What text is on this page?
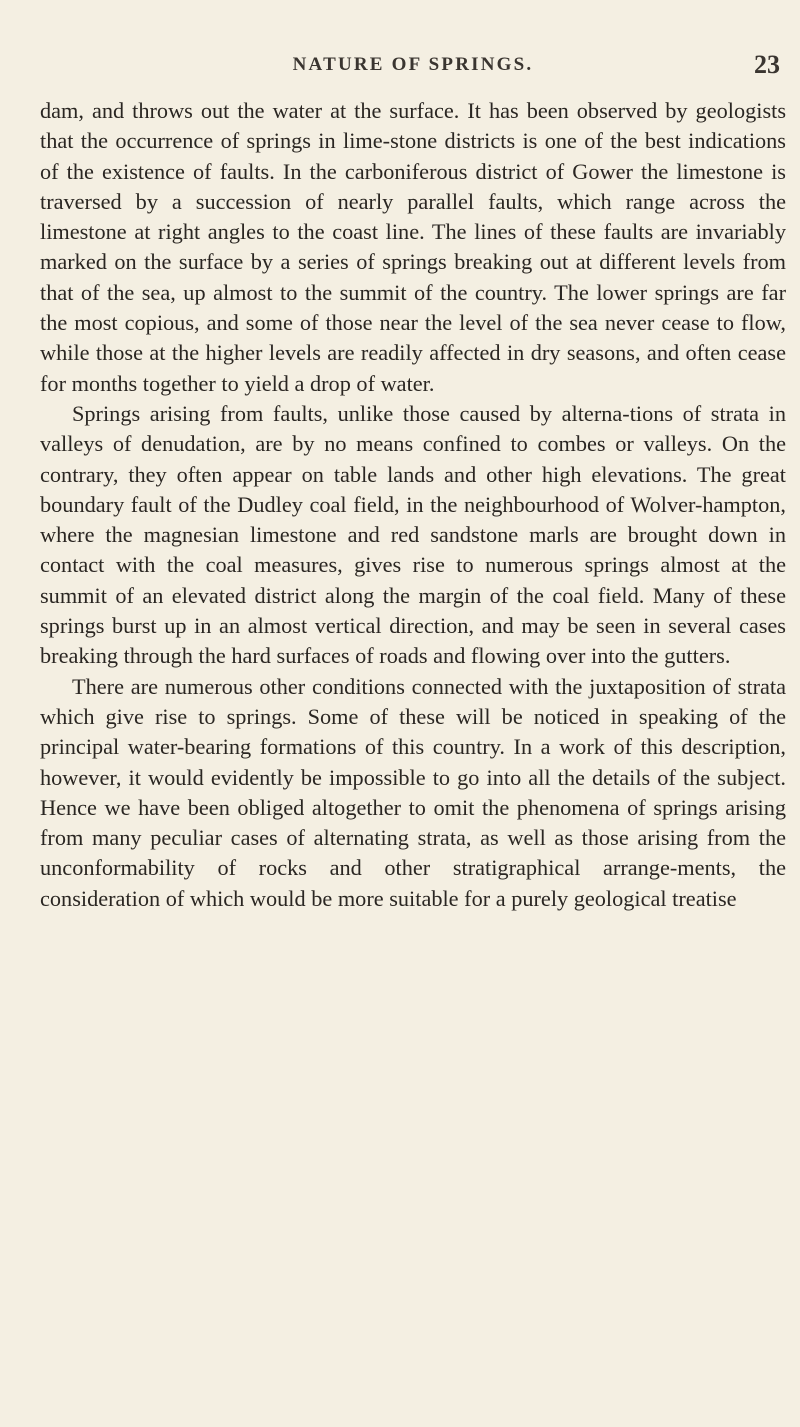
NATURE OF SPRINGS.	23

dam, and throws out the water at the surface. It has been observed by geologists that the occurrence of springs in lime-stone districts is one of the best indications of the existence of faults. In the carboniferous district of Gower the limestone is traversed by a succession of nearly parallel faults, which range across the limestone at right angles to the coast line. The lines of these faults are invariably marked on the surface by a series of springs breaking out at different levels from that of the sea, up almost to the summit of the country. The lower springs are far the most copious, and some of those near the level of the sea never cease to flow, while those at the higher levels are readily affected in dry seasons, and often cease for months together to yield a drop of water.

Springs arising from faults, unlike those caused by alterna-tions of strata in valleys of denudation, are by no means confined to combes or valleys. On the contrary, they often appear on table lands and other high elevations. The great boundary fault of the Dudley coal field, in the neighbourhood of Wolver-hampton, where the magnesian limestone and red sandstone marls are brought down in contact with the coal measures, gives rise to numerous springs almost at the summit of an elevated district along the margin of the coal field. Many of these springs burst up in an almost vertical direction, and may be seen in several cases breaking through the hard surfaces of roads and flowing over into the gutters.

There are numerous other conditions connected with the juxtaposition of strata which give rise to springs. Some of these will be noticed in speaking of the principal water-bearing formations of this country. In a work of this description, however, it would evidently be impossible to go into all the details of the subject. Hence we have been obliged altogether to omit the phenomena of springs arising from many peculiar cases of alternating strata, as well as those arising from the unconformability of rocks and other stratigraphical arrange-ments, the consideration of which would be more suitable for a purely geological treatise
